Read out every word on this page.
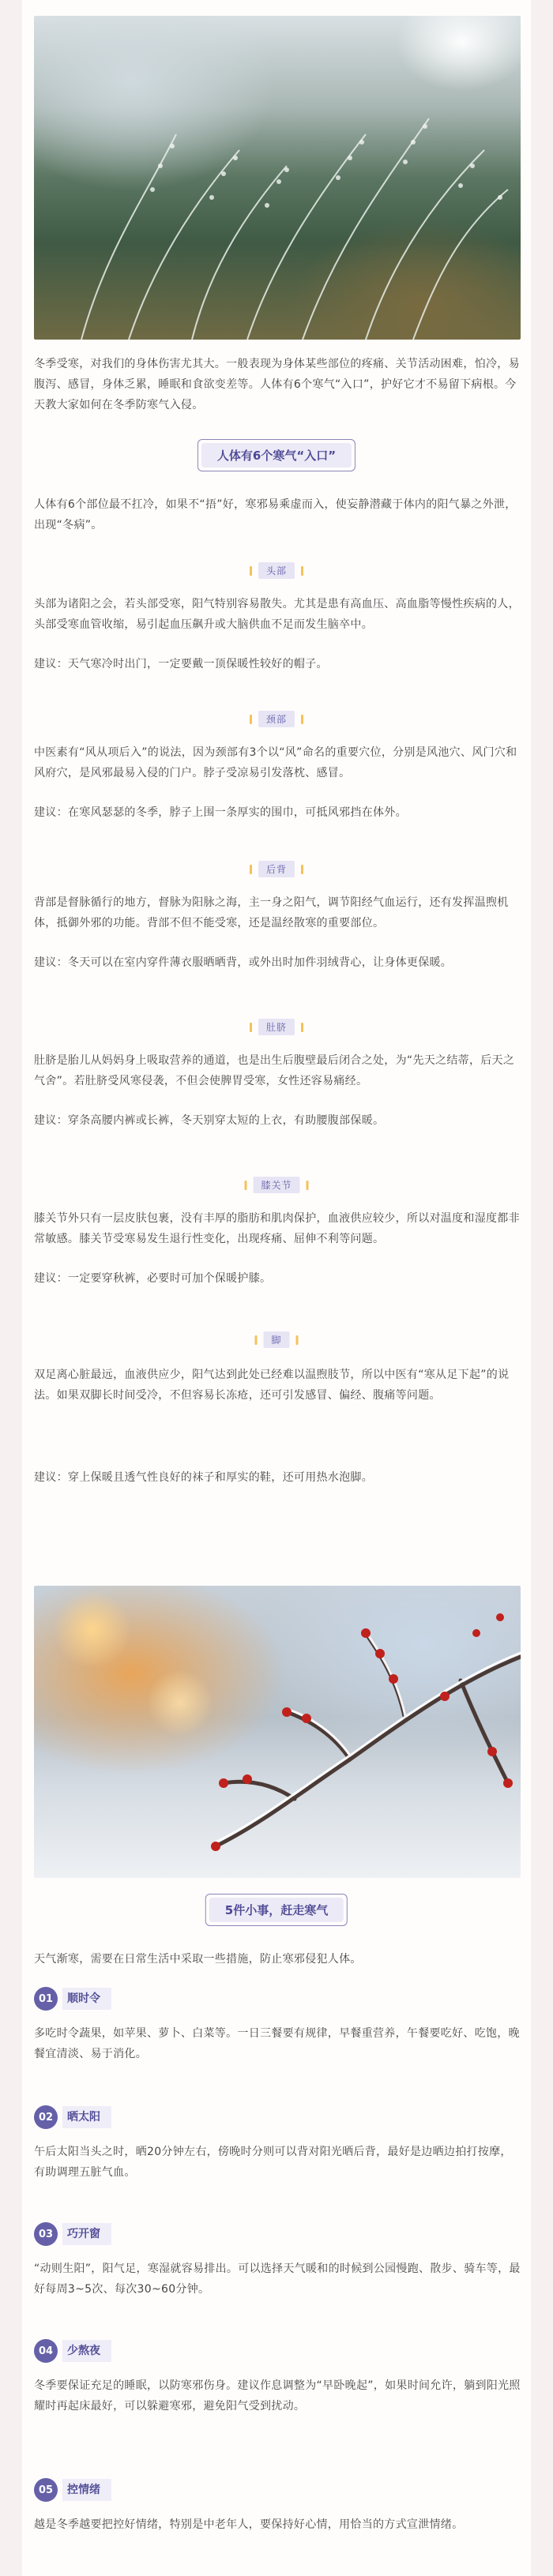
冬季受寒，对我们的身体伤害尤其大。一般表现为身体某些部位的疼痛、关节活动困难，怕冷，易腹泻、感冒，身体乏累，睡眠和食欲变差等。人体有6个寒气“入口”，护好它才不易留下病根。今天教大家如何在冬季防寒气入侵。

人体有6个寒气“入口”

人体有6个部位最不扛冷，如果不“捂”好，寒邪易乘虚而入，使妄静潜藏于体内的阳气暴之外泄，出现“冬病”。

头部

头部为诸阳之会，若头部受寒，阳气特别容易散失。尤其是患有高血压、高血脂等慢性疾病的人，头部受寒血管收缩，易引起血压飙升或大脑供血不足而发生脑卒中。

建议：天气寒冷时出门，一定要戴一顶保暖性较好的帽子。

颈部

中医素有“风从项后入”的说法，因为颈部有3个以“风”命名的重要穴位，分别是风池穴、风门穴和风府穴，是风邪最易入侵的门户。脖子受凉易引发落枕、感冒。

建议：在寒风瑟瑟的冬季，脖子上围一条厚实的围巾，可抵风邪挡在体外。

后背

背部是督脉循行的地方，督脉为阳脉之海，主一身之阳气，调节阳经气血运行，还有发挥温煦机体，抵御外邪的功能。背部不但不能受寒，还是温经散寒的重要部位。

建议：冬天可以在室内穿件薄衣服晒晒背，或外出时加件羽绒背心，让身体更保暖。

肚脐

肚脐是胎儿从妈妈身上吸取营养的通道，也是出生后腹壁最后闭合之处，为“先天之结蒂，后天之气舍”。若肚脐受风寒侵袭，不但会使脾胃受寒，女性还容易痛经。

建议：穿条高腰内裤或长裤，冬天别穿太短的上衣，有助腰腹部保暖。

膝关节

膝关节外只有一层皮肤包裹，没有丰厚的脂肪和肌肉保护，血液供应较少，所以对温度和湿度都非常敏感。膝关节受寒易发生退行性变化，出现疼痛、屈伸不利等问题。

建议：一定要穿秋裤，必要时可加个保暖护膝。

脚

双足离心脏最远，血液供应少，阳气达到此处已经难以温煦肢节，所以中医有“寒从足下起”的说法。如果双脚长时间受冷，不但容易长冻疮，还可引发感冒、偏经、腹痛等问题。

建议：穿上保暖且透气性良好的袜子和厚实的鞋，还可用热水泡脚。

5件小事，赶走寒气

天气渐寒，需要在日常生活中采取一些措施，防止寒邪侵犯人体。

01	顺时令

多吃时令蔬果，如苹果、萝卜、白菜等。一日三餐要有规律，早餐重营养，午餐要吃好、吃饱，晚餐宜清淡、易于消化。

02	晒太阳

午后太阳当头之时，晒20分钟左右，傍晚时分则可以背对阳光晒后背，最好是边晒边拍打按摩，有助调理五脏气血。

03	巧开窗

“动则生阳”，阳气足，寒湿就容易排出。可以选择天气暖和的时候到公园慢跑、散步、骑车等，最好每周3~5次、每次30~60分钟。

04	少熬夜

冬季要保证充足的睡眠，以防寒邪伤身。建议作息调整为“早卧晚起”，如果时间允许，躺到阳光照耀时再起床最好，可以躲避寒邪，避免阳气受到扰动。

05	控情绪

越是冬季越要把控好情绪，特别是中老年人，要保持好心情，用恰当的方式宣泄情绪。
